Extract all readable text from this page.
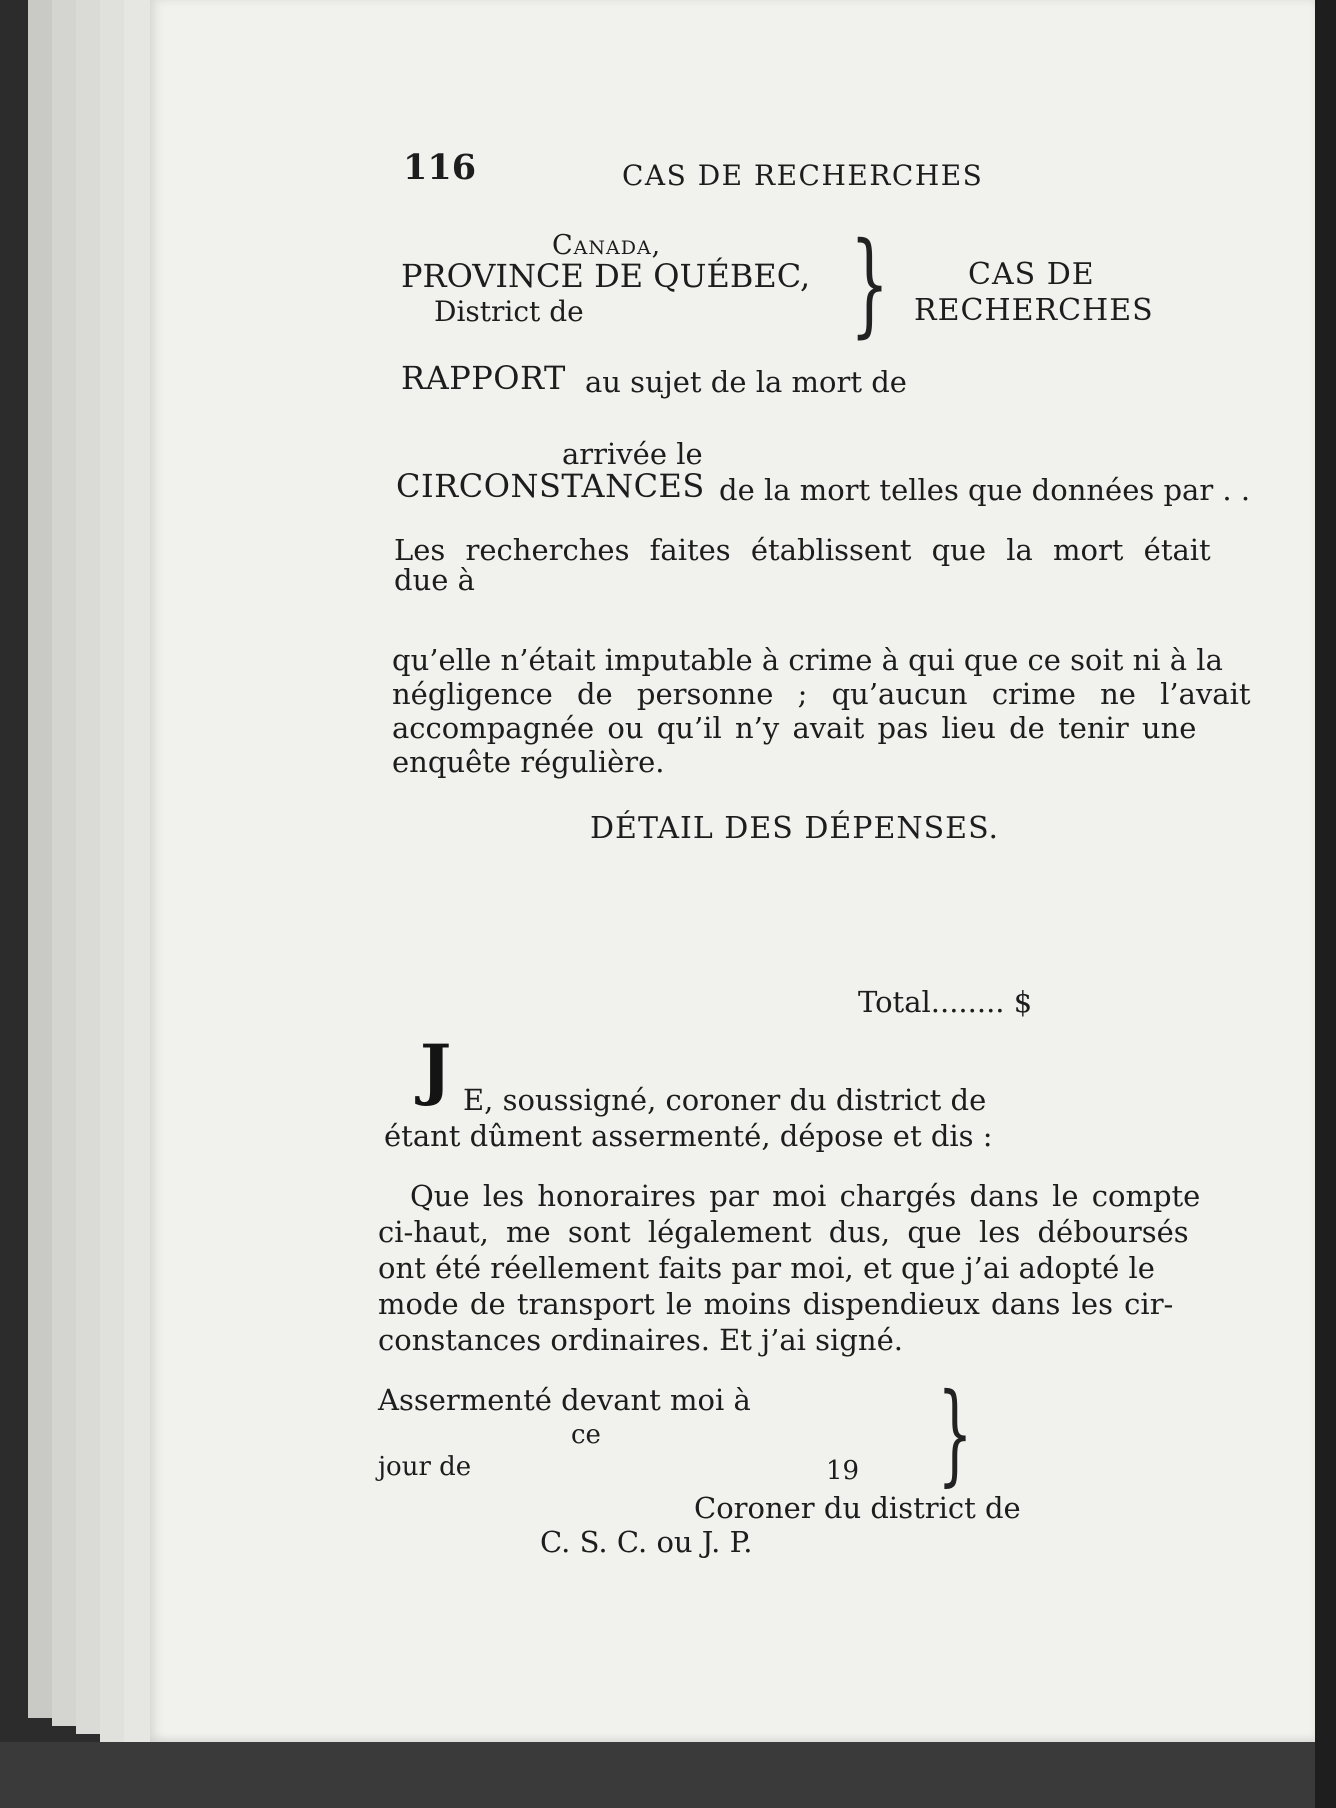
116	CAS DE RECHERCHES
Canada,
PROVINCE DE QUÉBEC,
District de }	CAS DE
RECHERCHES
RAPPORT au sujet de la mort de
arrivée le
CIRCONSTANCES de la mort telles que données par . .
Les recherches faites établissent que la mort était
due à
qu’elle n’était imputable à crime à qui que ce soit ni à la
négligence de personne ; qu’aucun crime ne l’avait
accompagnée ou qu’il n’y avait pas lieu de tenir une
enquête régulière.
DÉTAIL DES DÉPENSES.
Total........ $
J E, soussigné, coroner du district de
étant dûment assermenté, dépose et dis :
Que les honoraires par moi chargés dans le compte
ci-haut, me sont légalement dus, que les déboursés
ont été réellement faits par moi, et que j’ai adopté le
mode de transport le moins dispendieux dans les cir-
constances ordinaires. Et j’ai signé.
Assermenté devant moi à
ce
jour de	19 }
Coroner du district de
C. S. C. ou J. P.
